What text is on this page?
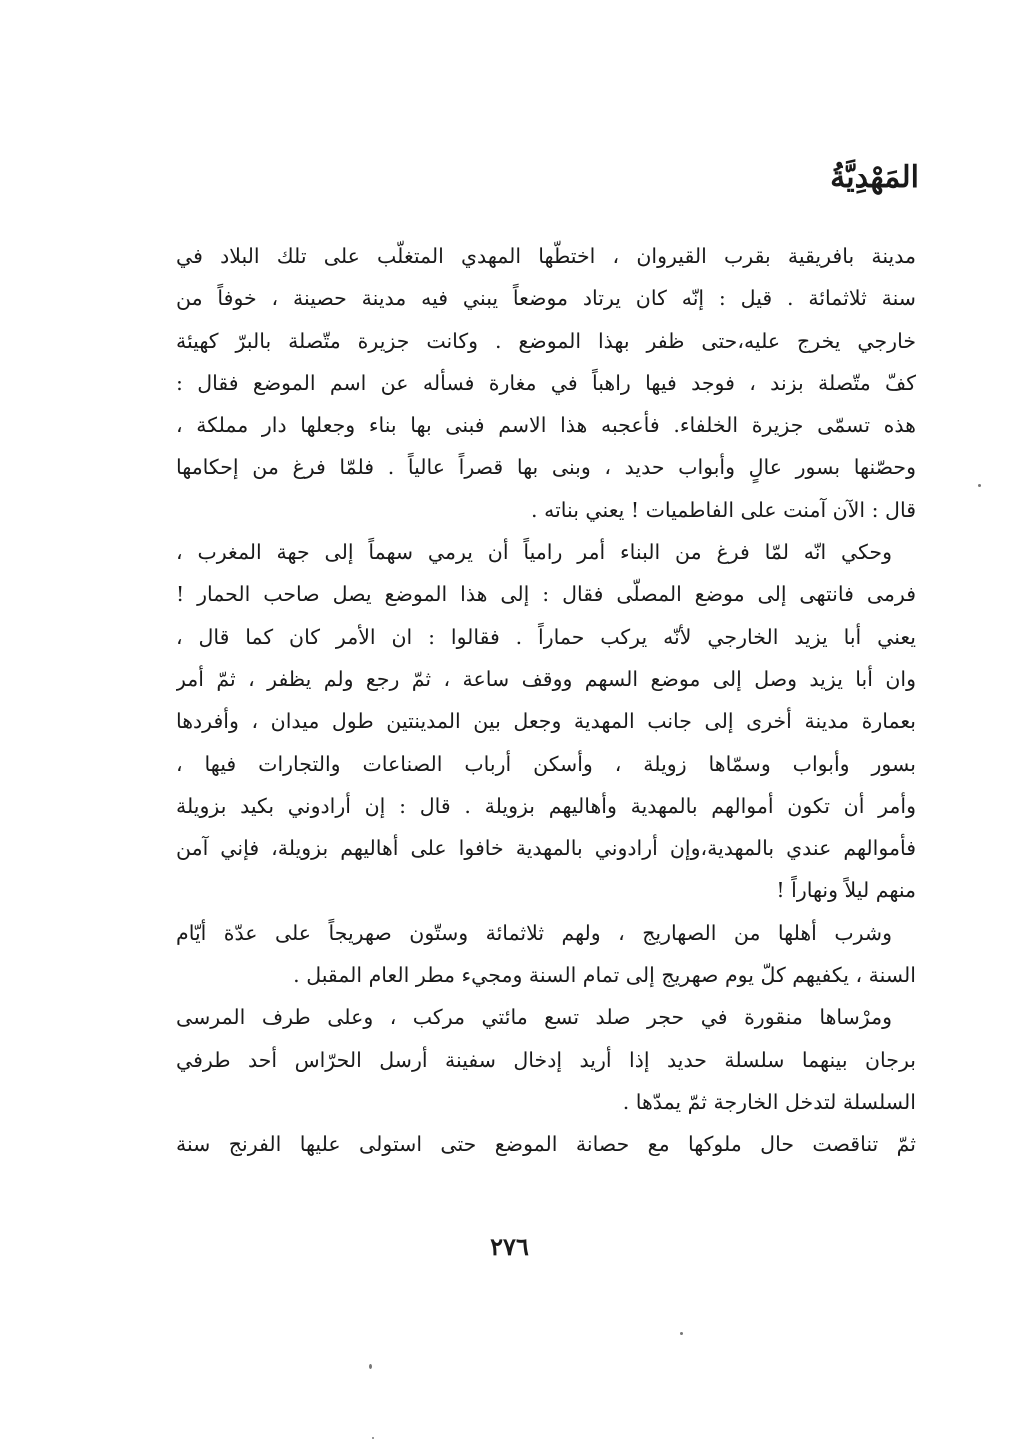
المَهْدِيَّةُ
مدينة بافريقية بقرب القيروان ، اختطّها المهدي المتغلّب على تلك البلاد في
سنة ثلاثمائة . قيل : إنّه كان يرتاد موضعاً يبني فيه مدينة حصينة ، خوفاً من
خارجي يخرج عليه،حتى ظفر بهذا الموضع . وكانت جزيرة متّصلة بالبرّ كهيئة
كفّ متّصلة بزند ، فوجد فيها راهباً في مغارة فسأله عن اسم الموضع فقال :
هذه تسمّى جزيرة الخلفاء. فأعجبه هذا الاسم فبنى بها بناء وجعلها دار مملكة ،
وحصّنها بسور عالٍ وأبواب حديد ، وبنى بها قصراً عالياً . فلمّا فرغ من إحكامها
قال : الآن آمنت على الفاطميات ! يعني بناته .
وحكي انّه لمّا فرغ من البناء أمر رامياً أن يرمي سهماً إلى جهة المغرب ،
فرمى فانتهى إلى موضع المصلّى فقال : إلى هذا الموضع يصل صاحب الحمار !
يعني أبا يزيد الخارجي لأنّه يركب حماراً . فقالوا : ان الأمر كان كما قال ،
وان أبا يزيد وصل إلى موضع السهم ووقف ساعة ، ثمّ رجع ولم يظفر ، ثمّ أمر
بعمارة مدينة أخرى إلى جانب المهدية وجعل بين المدينتين طول ميدان ، وأفردها
بسور وأبواب وسمّاها زويلة ، وأسكن أرباب الصناعات والتجارات فيها ،
وأمر أن تكون أموالهم بالمهدية وأهاليهم بزويلة . قال : إن أرادوني بكيد بزويلة
فأموالهم عندي بالمهدية،وإن أرادوني بالمهدية خافوا على أهاليهم بزويلة، فإني آمن
منهم ليلاً ونهاراً !
وشرب أهلها من الصهاريج ، ولهم ثلاثمائة وستّون صهريجاً على عدّة أيّام
السنة ، يكفيهم كلّ يوم صهريج إلى تمام السنة ومجيء مطر العام المقبل .
ومرْساها منقورة في حجر صلد تسع مائتي مركب ، وعلى طرف المرسى
برجان بينهما سلسلة حديد إذا أريد إدخال سفينة أرسل الحرّاس أحد طرفي
السلسلة لتدخل الخارجة ثمّ يمدّها .
ثمّ تناقصت حال ملوكها مع حصانة الموضع حتى استولى عليها الفرنج سنة
٢٧٦
